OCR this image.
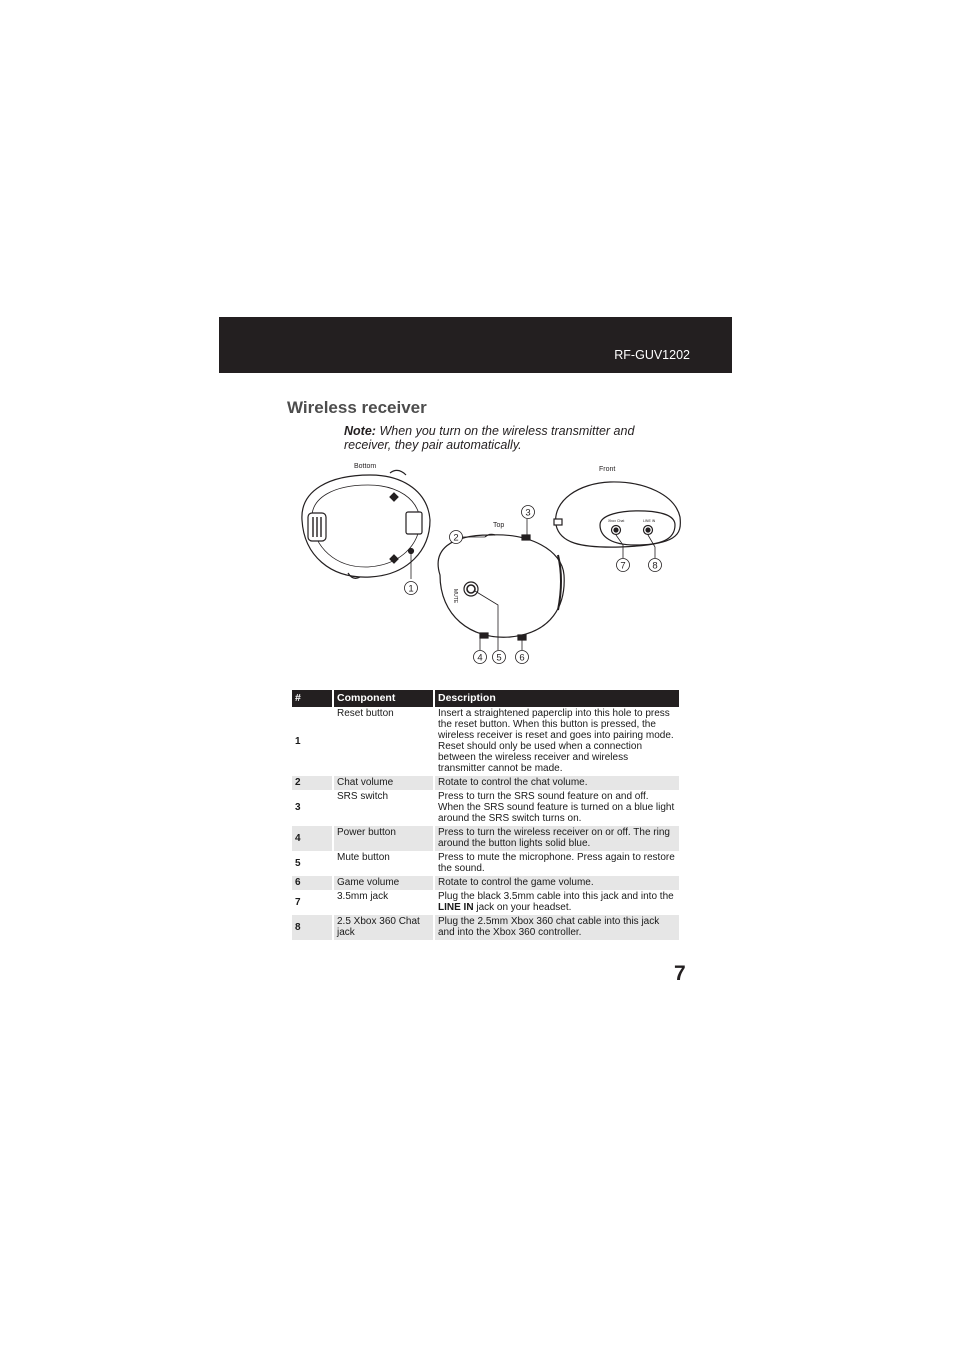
RF-GUV1202
Wireless receiver
Note: When you turn on the wireless transmitter and receiver, they pair automatically.
Bottom
MUTE
Top
Xbox Chat	LINE IN
Front
1
2
3
4 5 6
7	8
#	Component	Description
1	Reset button	Insert a straightened paperclip into this hole to press the reset button. When this button is pressed, the wireless receiver is reset and goes into pairing mode. Reset should only be used when a connection between the wireless receiver and wireless transmitter cannot be made.
2	Chat volume	Rotate to control the chat volume.
3	SRS switch	Press to turn the SRS sound feature on and off. When the SRS sound feature is turned on a blue light around the SRS switch turns on.
4	Power button	Press to turn the wireless receiver on or off. The ring around the button lights solid blue.
5	Mute button	Press to mute the microphone. Press again to restore the sound.
6	Game volume	Rotate to control the game volume.
7	3.5mm jack	Plug the black 3.5mm cable into this jack and into the LINE IN jack on your headset.
8	2.5 Xbox 360 Chat jack	Plug the 2.5mm Xbox 360 chat cable into this jack and into the Xbox 360 controller.
7
